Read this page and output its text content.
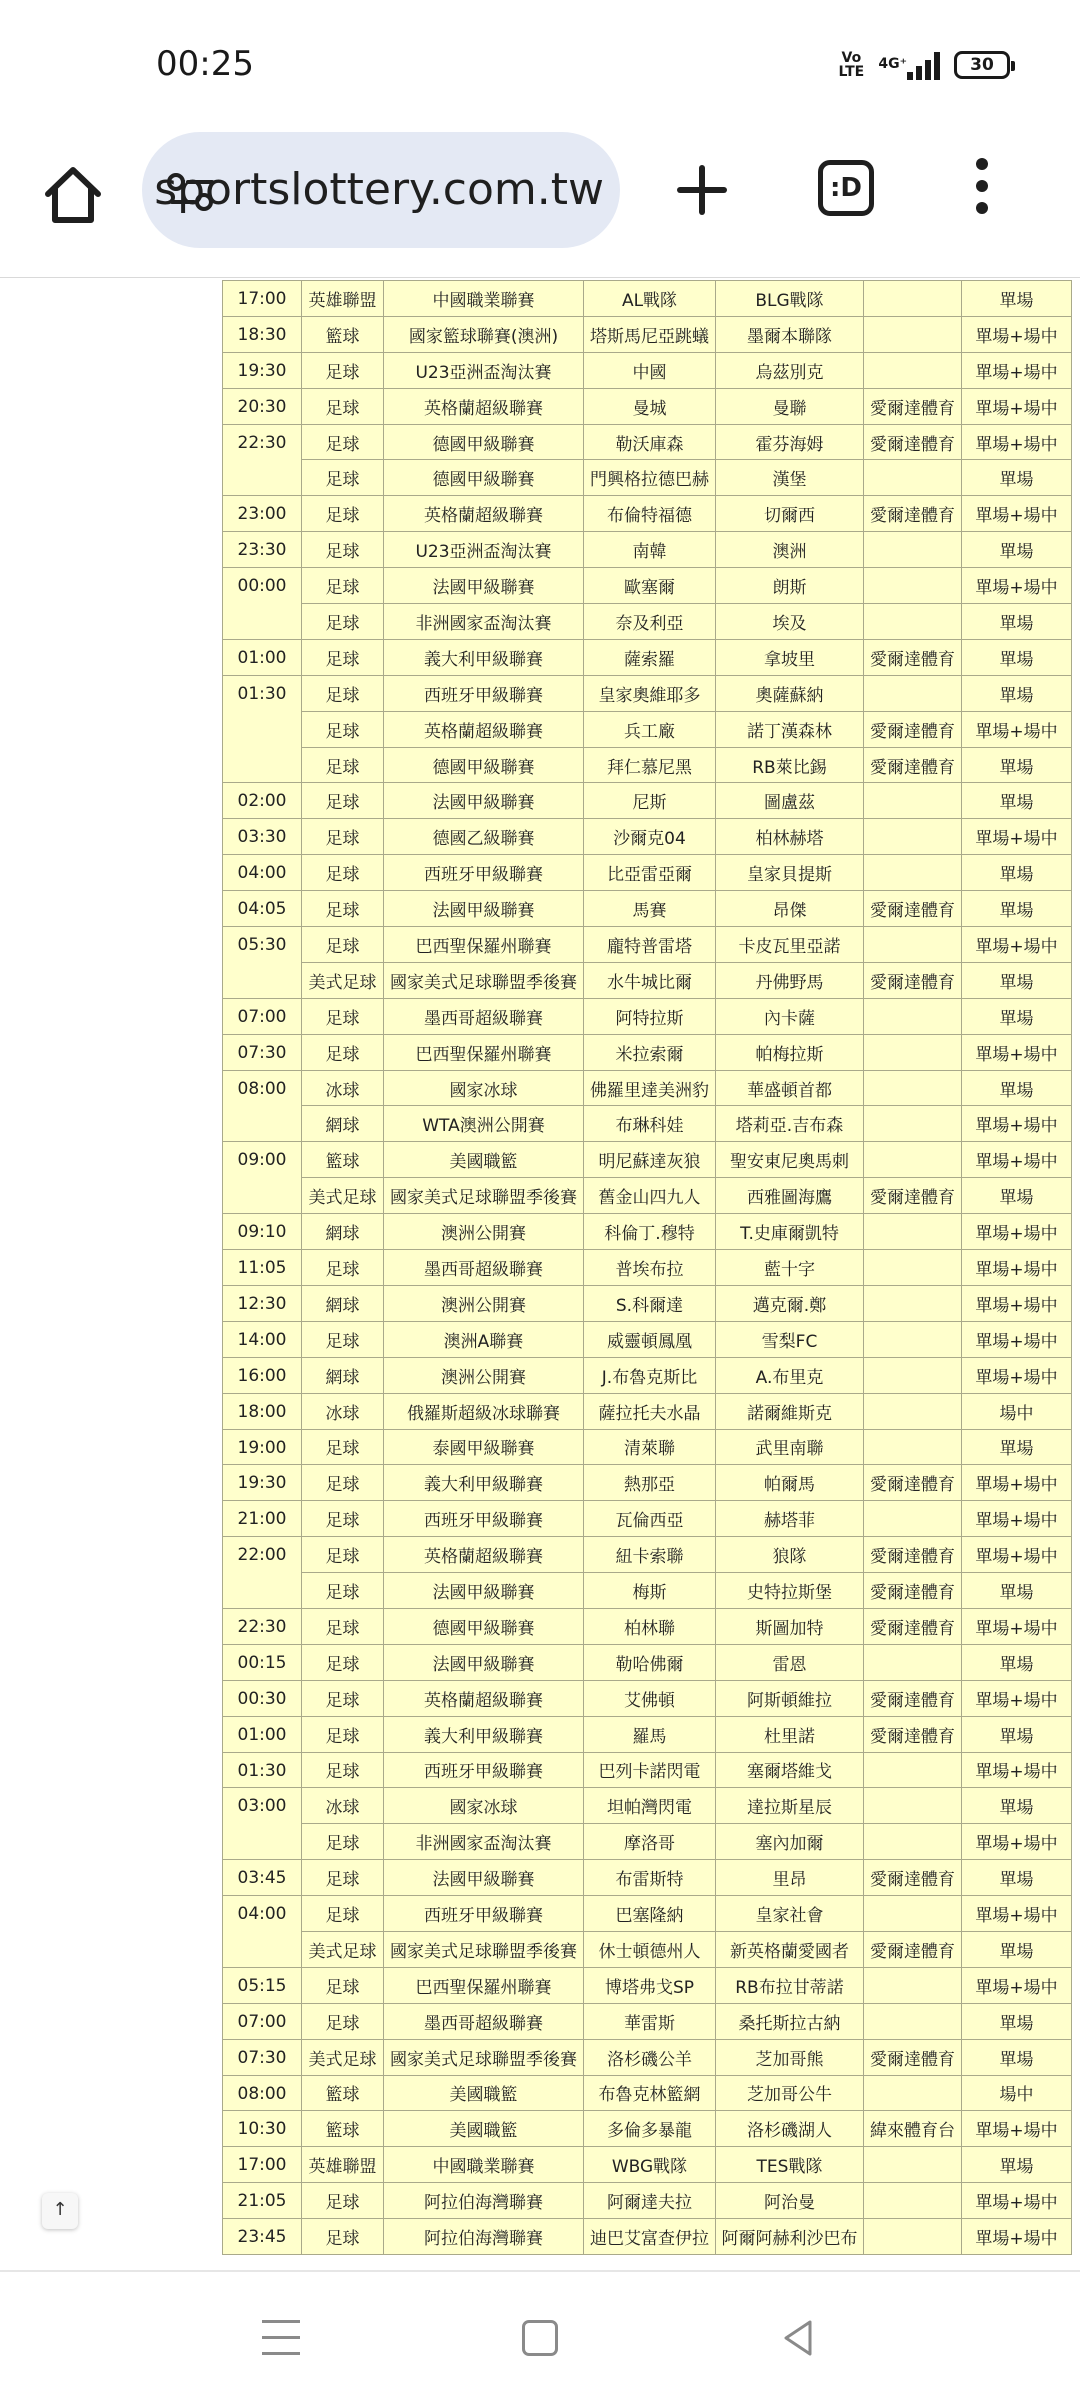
00:25	Vo
LTE 4G⁺	30
sportslottery.com.tw	:D
17:00	英雄聯盟	中國職業聯賽	AL戰隊	BLG戰隊		單場
18:30	籃球	國家籃球聯賽(澳洲)	塔斯馬尼亞跳蟻	墨爾本聯隊		單場+場中
19:30	足球	U23亞洲盃淘汰賽	中國	烏茲別克		單場+場中
20:30	足球	英格蘭超級聯賽	曼城	曼聯	愛爾達體育	單場+場中
22:30	足球	德國甲級聯賽	勒沃庫森	霍芬海姆	愛爾達體育	單場+場中
	足球	德國甲級聯賽	門興格拉德巴赫	漢堡		單場
23:00	足球	英格蘭超級聯賽	布倫特福德	切爾西	愛爾達體育	單場+場中
23:30	足球	U23亞洲盃淘汰賽	南韓	澳洲		單場
00:00	足球	法國甲級聯賽	歐塞爾	朗斯		單場+場中
	足球	非洲國家盃淘汰賽	奈及利亞	埃及		單場
01:00	足球	義大利甲級聯賽	薩索羅	拿坡里	愛爾達體育	單場
01:30	足球	西班牙甲級聯賽	皇家奧維耶多	奧薩蘇納		單場
	足球	英格蘭超級聯賽	兵工廠	諾丁漢森林	愛爾達體育	單場+場中
	足球	德國甲級聯賽	拜仁慕尼黑	RB萊比錫	愛爾達體育	單場
02:00	足球	法國甲級聯賽	尼斯	圖盧茲		單場
03:30	足球	德國乙級聯賽	沙爾克04	柏林赫塔		單場+場中
04:00	足球	西班牙甲級聯賽	比亞雷亞爾	皇家貝提斯		單場
04:05	足球	法國甲級聯賽	馬賽	昂傑	愛爾達體育	單場
05:30	足球	巴西聖保羅州聯賽	龐特普雷塔	卡皮瓦里亞諾		單場+場中
	美式足球	國家美式足球聯盟季後賽	水牛城比爾	丹佛野馬	愛爾達體育	單場
07:00	足球	墨西哥超級聯賽	阿特拉斯	內卡薩		單場
07:30	足球	巴西聖保羅州聯賽	米拉索爾	帕梅拉斯		單場+場中
08:00	冰球	國家冰球	佛羅里達美洲豹	華盛頓首都		單場
	網球	WTA澳洲公開賽	布琳科娃	塔莉亞.吉布森		單場+場中
09:00	籃球	美國職籃	明尼蘇達灰狼	聖安東尼奧馬刺		單場+場中
	美式足球	國家美式足球聯盟季後賽	舊金山四九人	西雅圖海鷹	愛爾達體育	單場
09:10	網球	澳洲公開賽	科倫丁.穆特	T.史庫爾凱特		單場+場中
11:05	足球	墨西哥超級聯賽	普埃布拉	藍十字		單場+場中
12:30	網球	澳洲公開賽	S.科爾達	邁克爾.鄭		單場+場中
14:00	足球	澳洲A聯賽	威靈頓鳳凰	雪梨FC		單場+場中
16:00	網球	澳洲公開賽	J.布魯克斯比	A.布里克		單場+場中
18:00	冰球	俄羅斯超級冰球聯賽	薩拉托夫水晶	諾爾維斯克		場中
19:00	足球	泰國甲級聯賽	清萊聯	武里南聯		單場
19:30	足球	義大利甲級聯賽	熱那亞	帕爾馬	愛爾達體育	單場+場中
21:00	足球	西班牙甲級聯賽	瓦倫西亞	赫塔菲		單場+場中
22:00	足球	英格蘭超級聯賽	紐卡索聯	狼隊	愛爾達體育	單場+場中
	足球	法國甲級聯賽	梅斯	史特拉斯堡	愛爾達體育	單場
22:30	足球	德國甲級聯賽	柏林聯	斯圖加特	愛爾達體育	單場+場中
00:15	足球	法國甲級聯賽	勒哈佛爾	雷恩		單場
00:30	足球	英格蘭超級聯賽	艾佛頓	阿斯頓維拉	愛爾達體育	單場+場中
01:00	足球	義大利甲級聯賽	羅馬	杜里諾	愛爾達體育	單場
01:30	足球	西班牙甲級聯賽	巴列卡諾閃電	塞爾塔維戈		單場+場中
03:00	冰球	國家冰球	坦帕灣閃電	達拉斯星辰		單場
	足球	非洲國家盃淘汰賽	摩洛哥	塞內加爾		單場+場中
03:45	足球	法國甲級聯賽	布雷斯特	里昂	愛爾達體育	單場
04:00	足球	西班牙甲級聯賽	巴塞隆納	皇家社會		單場+場中
	美式足球	國家美式足球聯盟季後賽	休士頓德州人	新英格蘭愛國者	愛爾達體育	單場
05:15	足球	巴西聖保羅州聯賽	博塔弗戈SP	RB布拉甘蒂諾		單場+場中
07:00	足球	墨西哥超級聯賽	華雷斯	桑托斯拉古納		單場
07:30	美式足球	國家美式足球聯盟季後賽	洛杉磯公羊	芝加哥熊	愛爾達體育	單場
08:00	籃球	美國職籃	布魯克林籃網	芝加哥公牛		場中
10:30	籃球	美國職籃	多倫多暴龍	洛杉磯湖人	緯來體育台	單場+場中
17:00	英雄聯盟	中國職業聯賽	WBG戰隊	TES戰隊		單場
21:05	足球	阿拉伯海灣聯賽	阿爾達夫拉	阿治曼		單場+場中
23:45	足球	阿拉伯海灣聯賽	迪巴艾富查伊拉	阿爾阿赫利沙巴布		單場+場中
↑
